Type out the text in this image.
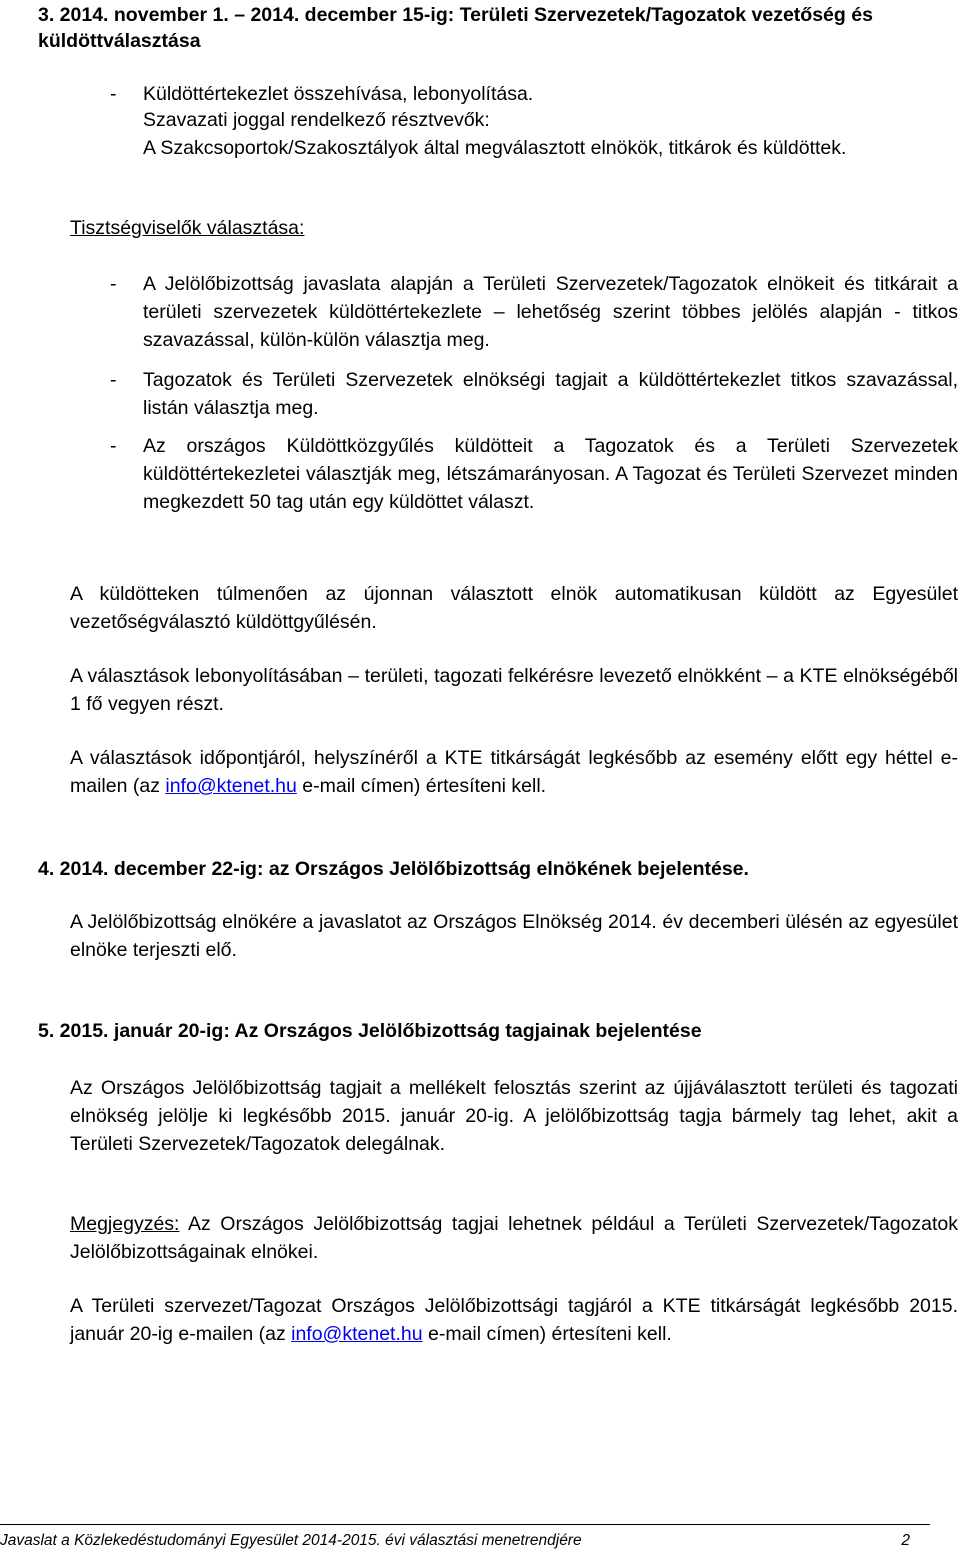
3. 2014. november 1. – 2014. december 15-ig: Területi Szervezetek/Tagozatok vezetőség és küldöttválasztása
- Küldöttértekezlet összehívása, lebonyolítása.
Szavazati joggal rendelkező résztvevők:
A Szakcsoportok/Szakosztályok által megválasztott elnökök, titkárok és küldöttek.
Tisztségviselők választása:
- A Jelölőbizottság javaslata alapján a Területi Szervezetek/Tagozatok elnökeit és titkárait a területi szervezetek küldöttértekezlete – lehetőség szerint többes jelölés alapján - titkos szavazással, külön-külön választja meg.
- Tagozatok és Területi Szervezetek elnökségi tagjait a küldöttértekezlet titkos szavazással, listán választja meg.
- Az országos Küldöttközgyűlés küldötteit a Tagozatok és a Területi Szervezetek küldöttértekezletei választják meg, létszámarányosan. A Tagozat és Területi Szervezet minden megkezdett 50 tag után egy küldöttet választ.
A küldötteken túlmenően az újonnan választott elnök automatikusan küldött az Egyesület vezetőségválasztó küldöttgyűlésén.
A választások lebonyolításában – területi, tagozati felkérésre levezető elnökként – a KTE elnökségéből 1 fő vegyen részt.
A választások időpontjáról, helyszínéről a KTE titkárságát legkésőbb az esemény előtt egy héttel e-mailen (az info@ktenet.hu e-mail címen) értesíteni kell.
4. 2014. december 22-ig: az Országos Jelölőbizottság elnökének bejelentése.
A Jelölőbizottság elnökére a javaslatot az Országos Elnökség 2014. év decemberi ülésén az egyesület elnöke terjeszti elő.
5. 2015. január 20-ig: Az Országos Jelölőbizottság tagjainak bejelentése
Az Országos Jelölőbizottság tagjait a mellékelt felosztás szerint az újjáválasztott területi és tagozati elnökség jelölje ki legkésőbb 2015. január 20-ig. A jelölőbizottság tagja bármely tag lehet, akit a Területi Szervezetek/Tagozatok delegálnak.
Megjegyzés: Az Országos Jelölőbizottság tagjai lehetnek például a Területi Szervezetek/Tagozatok Jelölőbizottságainak elnökei.
A Területi szervezet/Tagozat Országos Jelölőbizottsági tagjáról a KTE titkárságát legkésőbb 2015. január 20-ig e-mailen (az info@ktenet.hu e-mail címen) értesíteni kell.
Javaslat a Közlekedéstudományi Egyesület 2014-2015. évi választási menetrendjére	2
